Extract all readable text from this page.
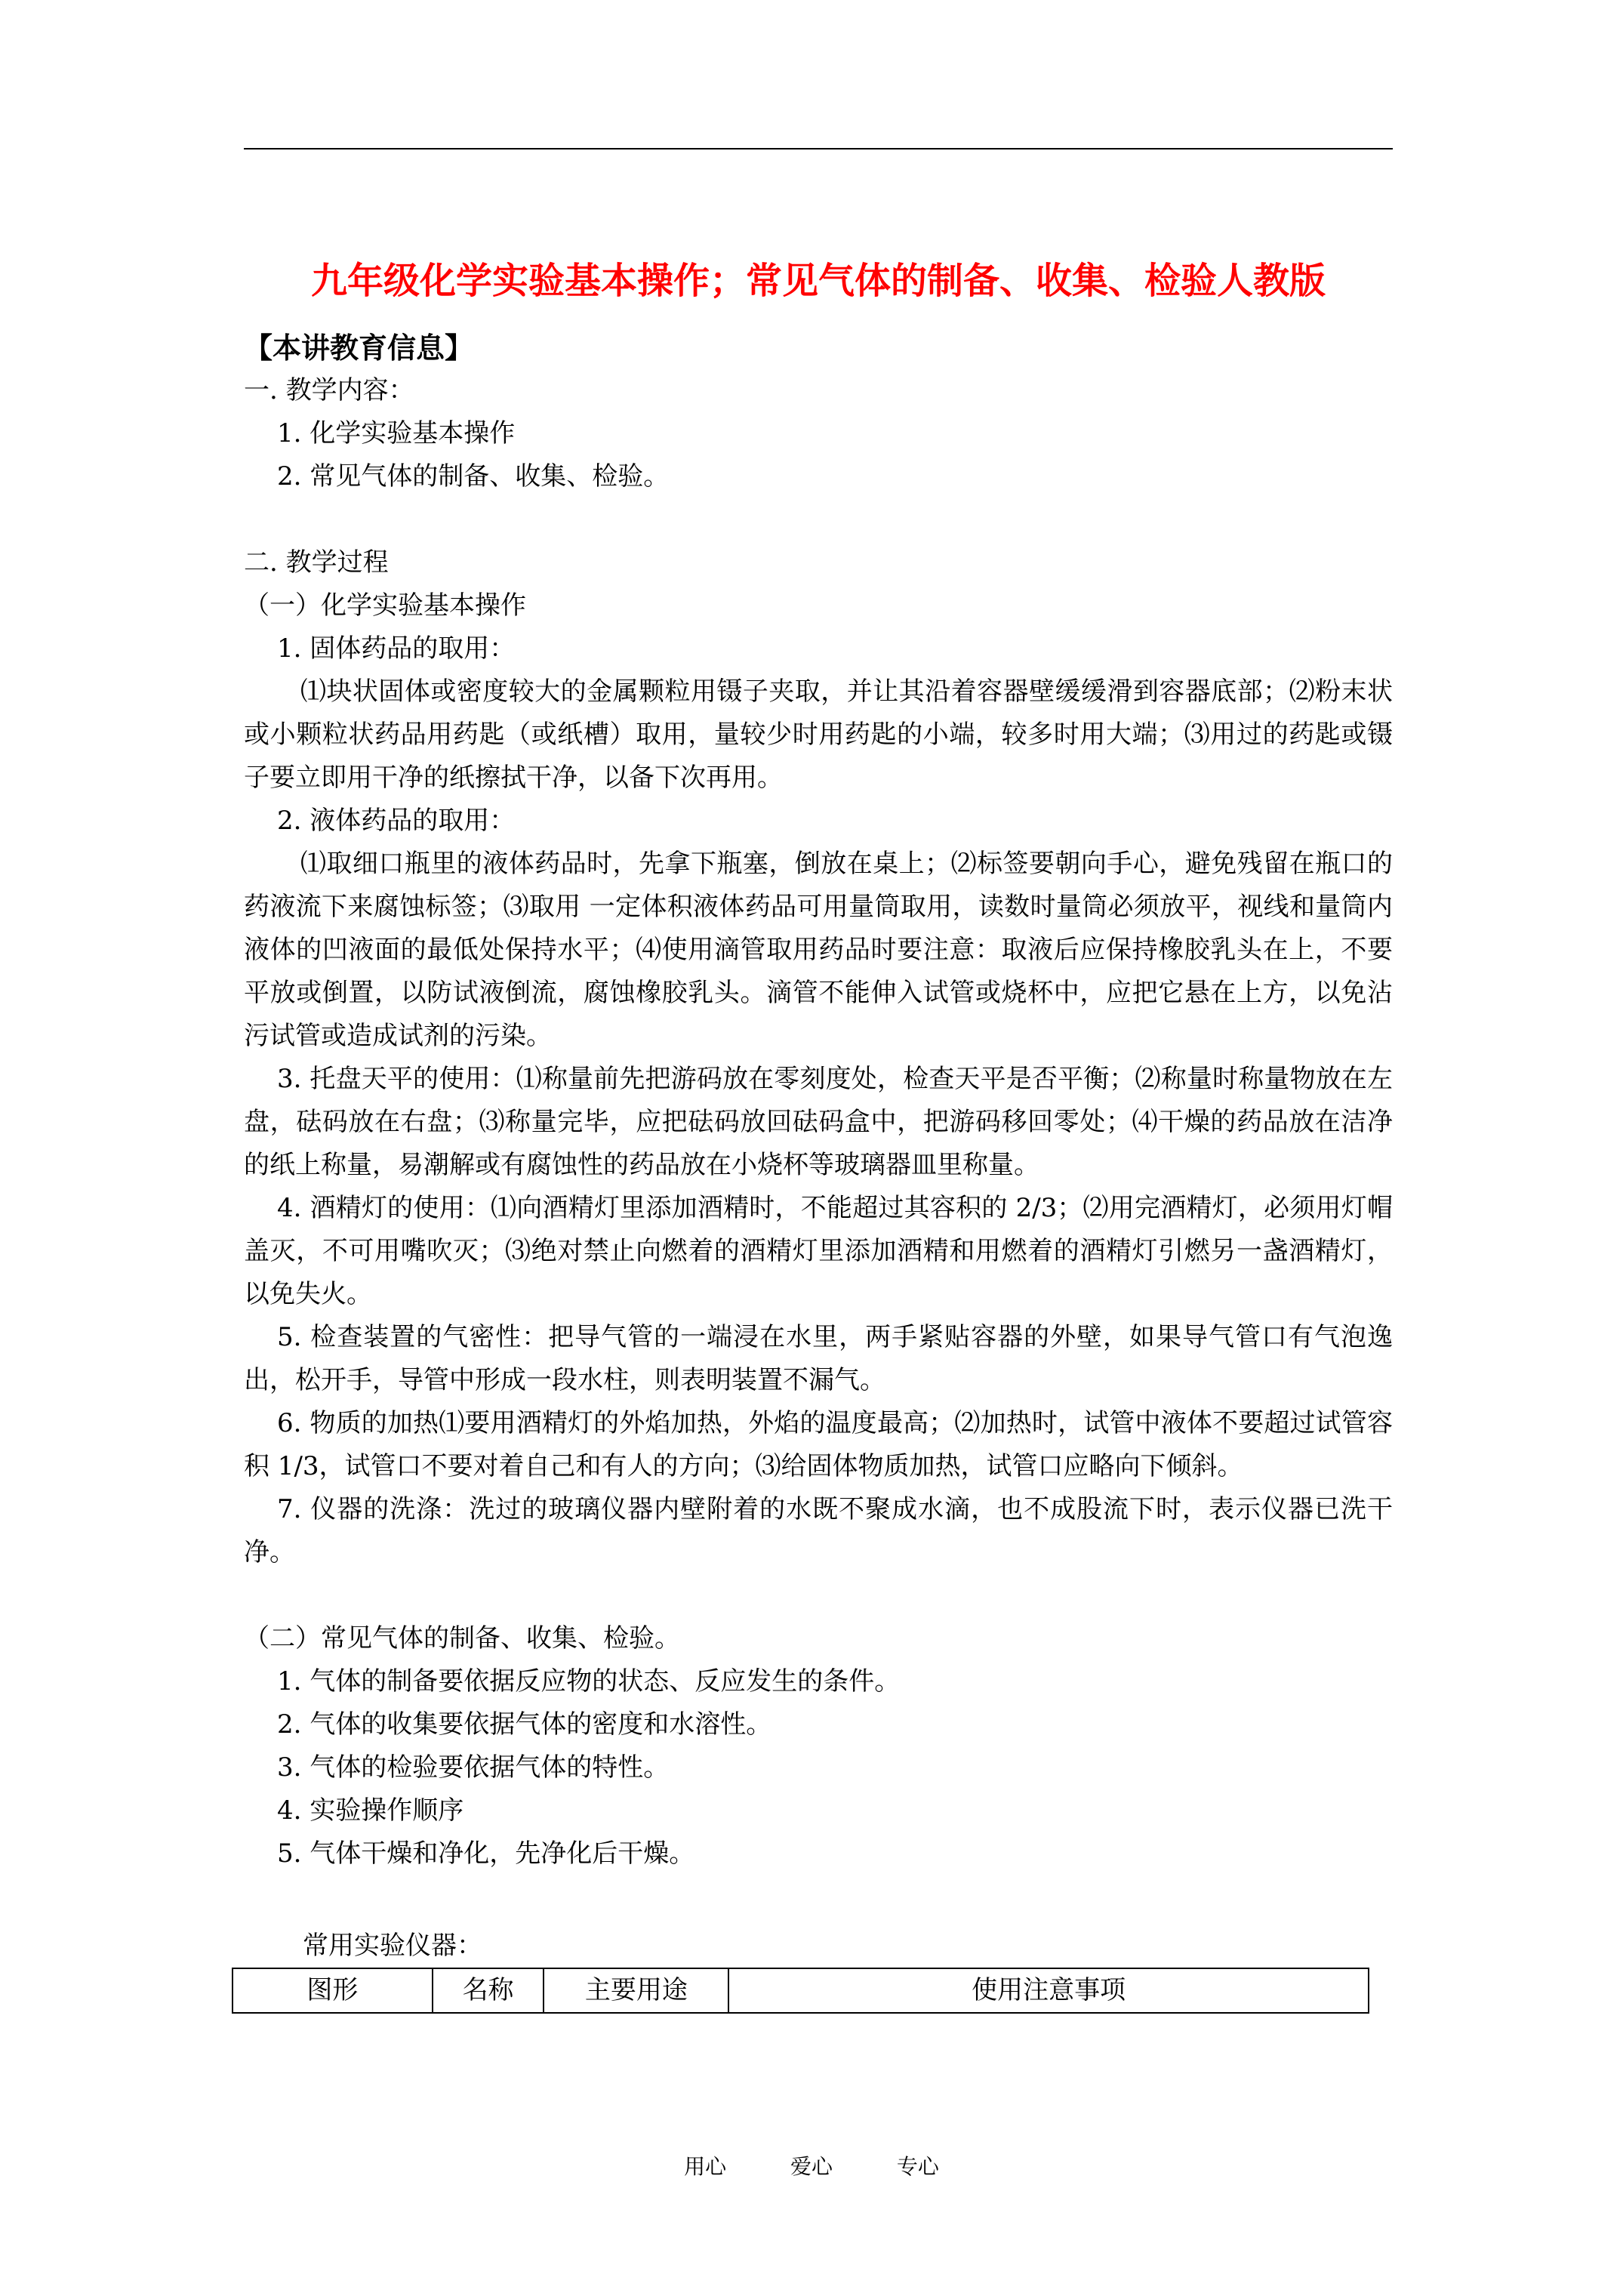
九年级化学实验基本操作；常见气体的制备、收集、检验人教版
【本讲教育信息】
一. 教学内容：
1. 化学实验基本操作
2. 常见气体的制备、收集、检验。
二. 教学过程
（一）化学实验基本操作
1. 固体药品的取用：
⑴块状固体或密度较大的金属颗粒用镊子夹取，并让其沿着容器壁缓缓滑到容器底部；⑵粉末状或小颗粒状药品用药匙（或纸槽）取用，量较少时用药匙的小端，较多时用大端；⑶用过的药匙或镊子要立即用干净的纸擦拭干净，以备下次再用。
2. 液体药品的取用：
⑴取细口瓶里的液体药品时，先拿下瓶塞，倒放在桌上；⑵标签要朝向手心，避免残留在瓶口的药液流下来腐蚀标签；⑶取用 一定体积液体药品可用量筒取用，读数时量筒必须放平，视线和量筒内液体的凹液面的最低处保持水平；⑷使用滴管取用药品时要注意：取液后应保持橡胶乳头在上，不要平放或倒置，以防试液倒流，腐蚀橡胶乳头。滴管不能伸入试管或烧杯中，应把它悬在上方，以免沾污试管或造成试剂的污染。
3. 托盘天平的使用：⑴称量前先把游码放在零刻度处，检查天平是否平衡；⑵称量时称量物放在左盘，砝码放在右盘；⑶称量完毕，应把砝码放回砝码盒中，把游码移回零处；⑷干燥的药品放在洁净的纸上称量，易潮解或有腐蚀性的药品放在小烧杯等玻璃器皿里称量。
4. 酒精灯的使用：⑴向酒精灯里添加酒精时，不能超过其容积的 2/3；⑵用完酒精灯，必须用灯帽盖灭，不可用嘴吹灭；⑶绝对禁止向燃着的酒精灯里添加酒精和用燃着的酒精灯引燃另一盏酒精灯，以免失火。
5. 检查装置的气密性：把导气管的一端浸在水里，两手紧贴容器的外壁，如果导气管口有气泡逸出，松开手，导管中形成一段水柱，则表明装置不漏气。
6. 物质的加热⑴要用酒精灯的外焰加热，外焰的温度最高；⑵加热时，试管中液体不要超过试管容积 1/3，试管口不要对着自己和有人的方向；⑶给固体物质加热，试管口应略向下倾斜。
7. 仪器的洗涤：洗过的玻璃仪器内壁附着的水既不聚成水滴，也不成股流下时，表示仪器已洗干净。
（二）常见气体的制备、收集、检验。
1. 气体的制备要依据反应物的状态、反应发生的条件。
2. 气体的收集要依据气体的密度和水溶性。
3. 气体的检验要依据气体的特性。
4. 实验操作顺序
5. 气体干燥和净化，先净化后干燥。
常用实验仪器：
图形	名称	主要用途	使用注意事项
用心	爱心	专心
